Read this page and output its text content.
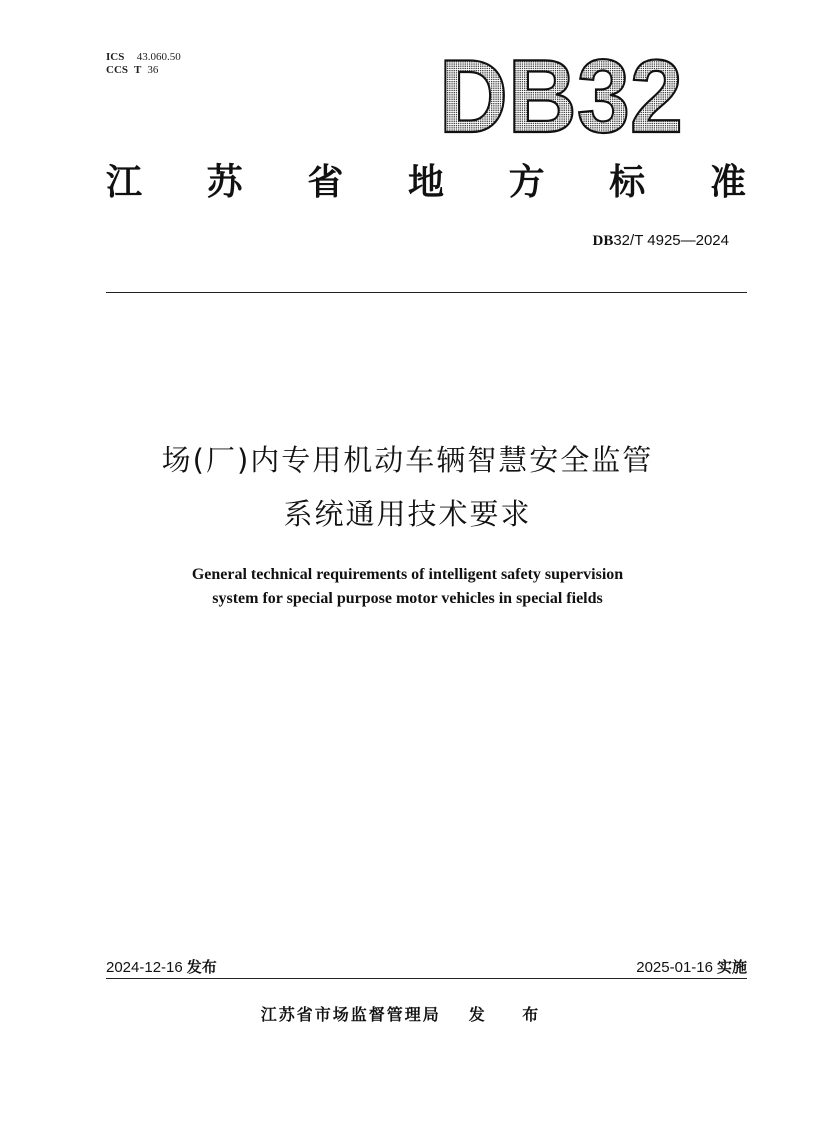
ICS 43.060.50
CCS T 36	DB32
江 苏 省 地 方 标 准
DB32/T 4925—2024
场(厂)内专用机动车辆智慧安全监管
系统通用技术要求
General technical requirements of intelligent safety supervision
system for special purpose motor vehicles in special fields
2024-12-16 发布	2025-01-16 实施
江苏省市场监督管理局 发 布
